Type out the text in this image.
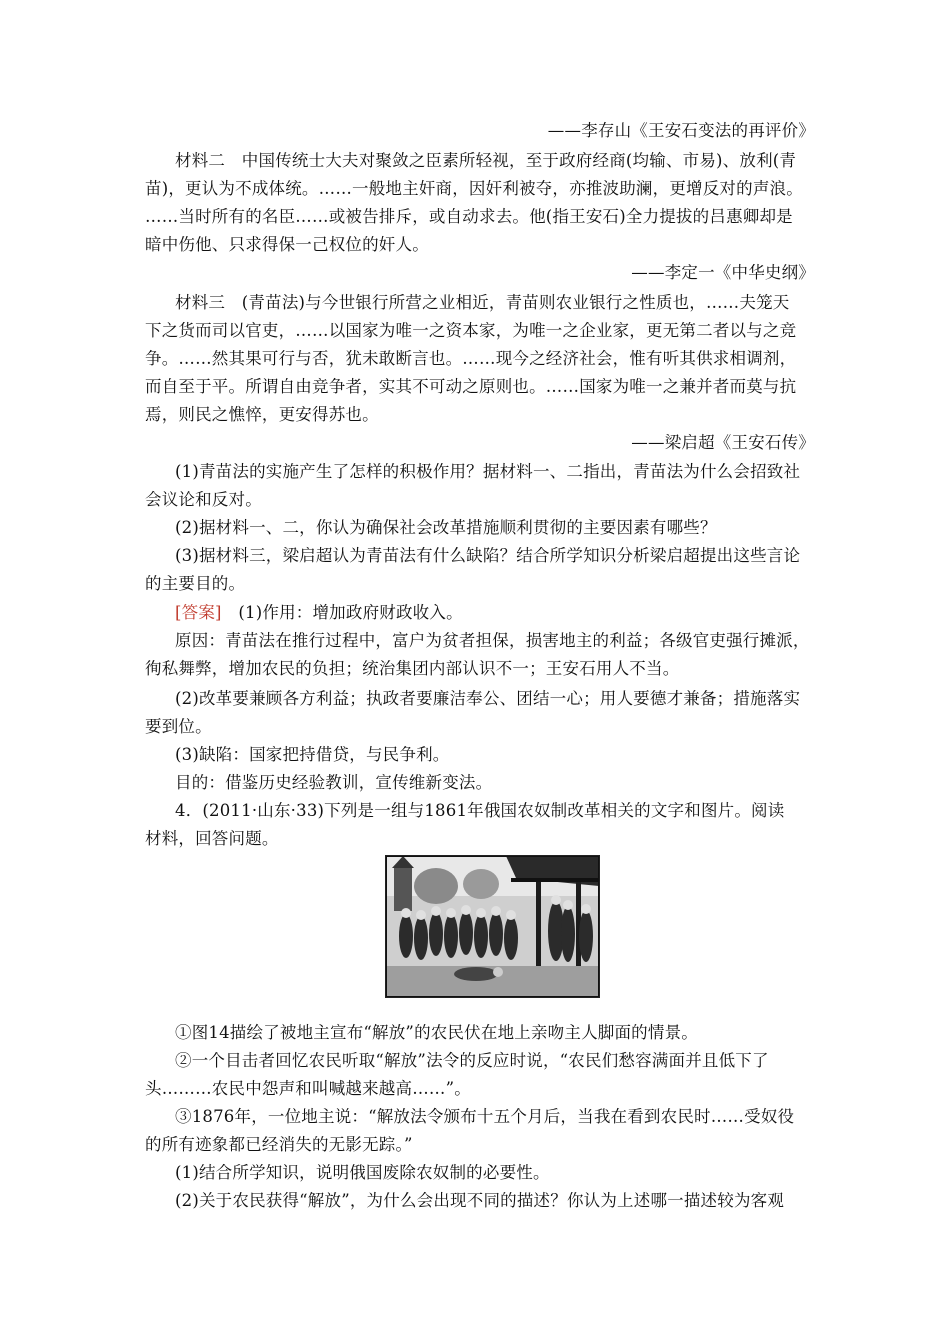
——李存山《王安石变法的再评价》
材料二　中国传统士大夫对聚敛之臣素所轻视，至于政府经商(均输、市易)、放利(青
苗)，更认为不成体统。……一般地主奸商，因奸利被夺，亦推波助澜，更增反对的声浪。
……当时所有的名臣……或被告排斥，或自动求去。他(指王安石)全力提拔的吕惠卿却是
暗中伤他、只求得保一己权位的奸人。
——李定一《中华史纲》
材料三　(青苗法)与今世银行所营之业相近，青苗则农业银行之性质也，……夫笼天
下之货而司以官吏，……以国家为唯一之资本家，为唯一之企业家，更无第二者以与之竞
争。……然其果可行与否，犹未敢断言也。……现今之经济社会，惟有听其供求相调剂，
而自至于平。所谓自由竞争者，实其不可动之原则也。……国家为唯一之兼并者而莫与抗
焉，则民之憔悴，更安得苏也。
——梁启超《王安石传》
(1)青苗法的实施产生了怎样的积极作用？据材料一、二指出，青苗法为什么会招致社
会议论和反对。
(2)据材料一、二，你认为确保社会改革措施顺利贯彻的主要因素有哪些？
(3)据材料三，梁启超认为青苗法有什么缺陷？结合所学知识分析梁启超提出这些言论
的主要目的。
[答案]　 (1)作用：增加政府财政收入。
原因：青苗法在推行过程中，富户为贫者担保，损害地主的利益；各级官吏强行摊派，
徇私舞弊，增加农民的负担；统治集团内部认识不一；王安石用人不当。
(2)改革要兼顾各方利益；执政者要廉洁奉公、团结一心；用人要德才兼备；措施落实
要到位。
(3)缺陷：国家把持借贷，与民争利。
目的：借鉴历史经验教训，宣传维新变法。
4．(2011·山东·33)下列是一组与1861年俄国农奴制改革相关的文字和图片。阅读
材料，回答问题。
①图14描绘了被地主宣布“解放”的农民伏在地上亲吻主人脚面的情景。
②一个目击者回忆农民听取“解放”法令的反应时说，“农民们愁容满面并且低下了
头………农民中怨声和叫喊越来越高……”。
③1876年，一位地主说：“解放法令颁布十五个月后，当我在看到农民时……受奴役
的所有迹象都已经消失的无影无踪。”
(1)结合所学知识，说明俄国废除农奴制的必要性。
(2)关于农民获得“解放”，为什么会出现不同的描述？你认为上述哪一描述较为客观
